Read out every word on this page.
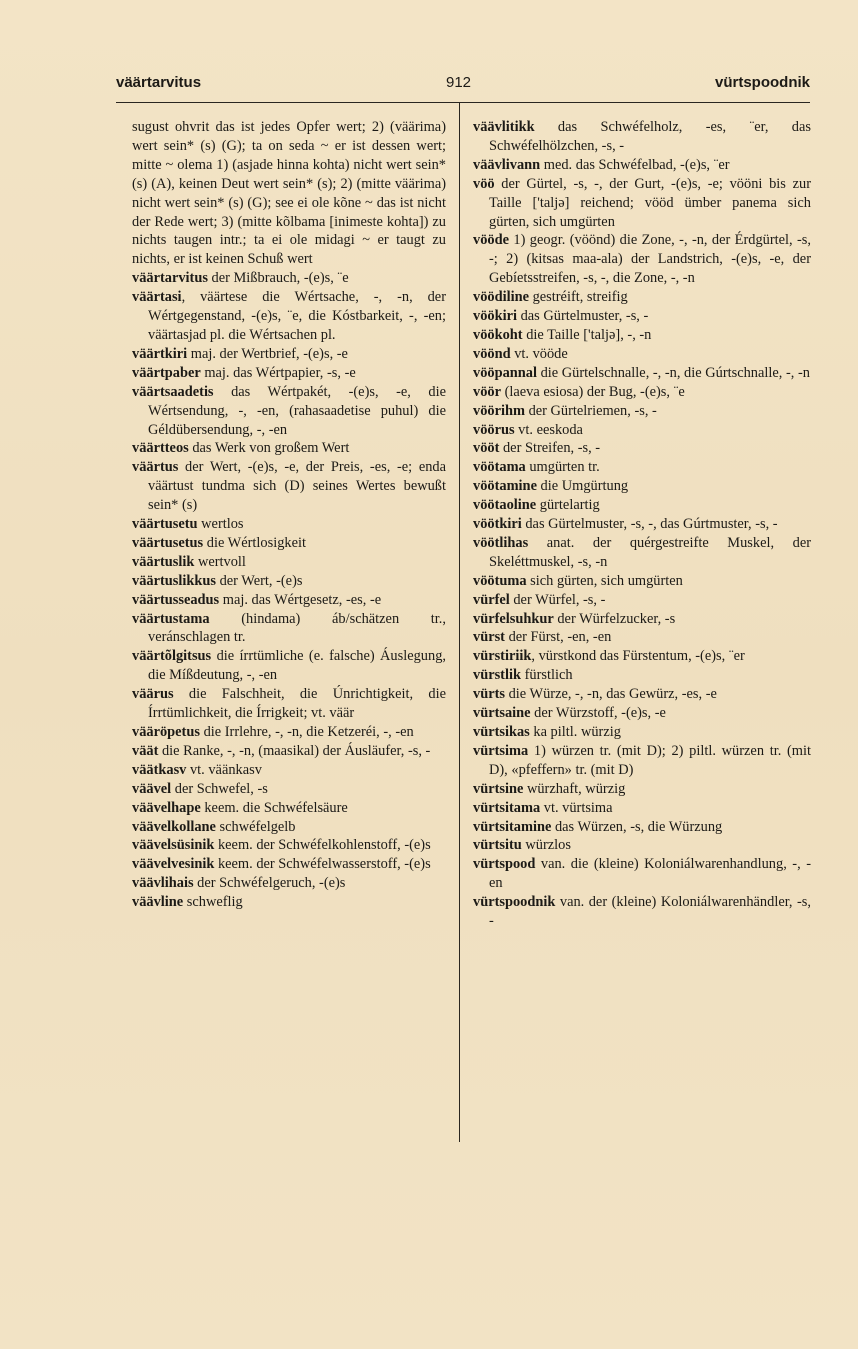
väärtarvitus	912	vürtspoodnik
sugust ohvrit das ist jedes Opfer wert; 2) (väärima) wert sein* (s) (G); ta on seda ~ er ist dessen wert; mitte ~ olema 1) (asjade hinna kohta) nicht wert sein* (s) (A), keinen Deut wert sein* (s); 2) (mitte väärima) nicht wert sein* (s) (G); see ei ole kõne ~ das ist nicht der Rede wert; 3) (mitte kõlbama [inimeste kohta]) zu nichts taugen intr.; ta ei ole midagi ~ er taugt zu nichts, er ist keinen Schuß wert
väärtarvitus der Mißbrauch, -(e)s, ¨e
väärtasi, väärtese die Wértsache, -, -n, der Wértgegenstand, -(e)s, ¨e, die Kóstbarkeit, -, -en; väärtasjad pl. die Wértsachen pl.
väärtkiri maj. der Wertbrief, -(e)s, -e
väärtpaber maj. das Wértpapier, -s, -e
väärtsaadetis das Wértpakét, -(e)s, -e, die Wértsendung, -, -en, (rahasaadetise puhul) die Géldübersendung, -, -en
väärtteos das Werk von großem Wert
väärtus der Wert, -(e)s, -e, der Preis, -es, -e; enda väärtust tundma sich (D) seines Wertes bewußt sein* (s)
väärtusetu wertlos
väärtusetus die Wértlosigkeit
väärtuslik wertvoll
väärtuslikkus der Wert, -(e)s
väärtusseadus maj. das Wértgesetz, -es, -e
väärtustama (hindama) áb/schätzen tr., veránschlagen tr.
väärtõlgitsus die írrtümliche (e. falsche) Áuslegung, die Míßdeutung, -, -en
väärus die Falschheit, die Únrichtigkeit, die Írrtümlichkeit, die Írrigkeit; vt. väär
vääröpetus die Irrlehre, -, -n, die Ketzeréi, -, -en
väät die Ranke, -, -n, (maasikal) der Áusläufer, -s, -
väätkasv vt. väänkasv
väävel der Schwefel, -s
väävelhape keem. die Schwéfelsäure
väävelkollane schwéfelgelb
väävelsüsinik keem. der Schwéfelkohlenstoff, -(e)s
väävelvesinik keem. der Schwéfelwasserstoff, -(e)s
väävlihais der Schwéfelgeruch, -(e)s
väävline schweflig
väävlitikk das Schwéfelholz, -es, ¨er, das Schwéfelhölzchen, -s, -
väävlivann med. das Schwéfelbad, -(e)s, ¨er
vöö der Gürtel, -s, -, der Gurt, -(e)s, -e; vööni bis zur Taille ['taljə] reichend; vööd ümber panema sich gürten, sich umgürten
vööde 1) geogr. (vöönd) die Zone, -, -n, der Érdgürtel, -s, -; 2) (kitsas maa-ala) der Landstrich, -(e)s, -e, der Gebíetsstreifen, -s, -, die Zone, -, -n
vöödiline gestréift, streifig
vöökiri das Gürtelmuster, -s, -
vöökoht die Taille ['taljə], -, -n
vöönd vt. vööde
vööpannal die Gürtelschnalle, -, -n, die Gúrtschnalle, -, -n
vöör (laeva esiosa) der Bug, -(e)s, ¨e
vöörihm der Gürtelriemen, -s, -
vöörus vt. eeskoda
vööt der Streifen, -s, -
vöötama umgürten tr.
vöötamine die Umgürtung
vöötaoline gürtelartig
vöötkiri das Gürtelmuster, -s, -, das Gúrtmuster, -s, -
vöötlihas anat. der quérgestreifte Muskel, der Skeléttmuskel, -s, -n
vöötuma sich gürten, sich umgürten
vürfel der Würfel, -s, -
vürfelsuhkur der Würfelzucker, -s
vürst der Fürst, -en, -en
vürstiriik, vürstkond das Fürstentum, -(e)s, ¨er
vürstlik fürstlich
vürts die Würze, -, -n, das Gewürz, -es, -e
vürtsaine der Würzstoff, -(e)s, -e
vürtsikas ka piltl. würzig
vürtsima 1) würzen tr. (mit D); 2) piltl. würzen tr. (mit D), «pfeffern» tr. (mit D)
vürtsine würzhaft, würzig
vürtsitama vt. vürtsima
vürtsitamine das Würzen, -s, die Würzung
vürtsitu würzlos
vürtspood van. die (kleine) Koloniálwarenhandlung, -, -en
vürtspoodnik van. der (kleine) Koloniálwarenhändler, -s, -
